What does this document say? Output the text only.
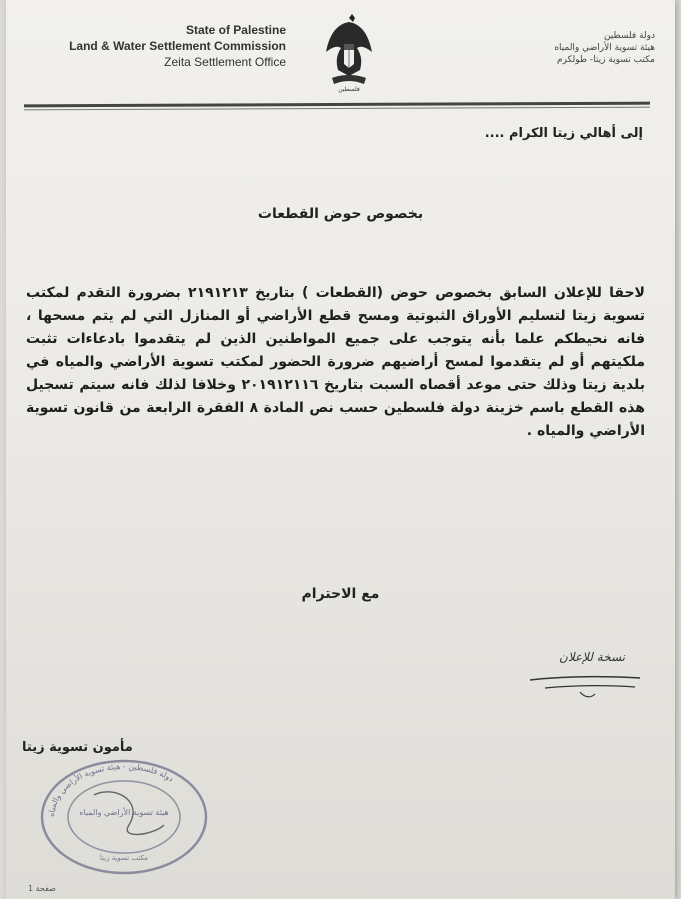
State of Palestine
Land & Water Settlement Commission
Zeita Settlement Office
فلسطين
دولة فلسطين
هيئة تسوية الأراضي والمياه
مكتب تسوية زيتا- طولكرم
إلى أهالي زيتا الكرام ....
بخصوص حوض القطعات
لاحقا للإعلان السابق بخصوص حوض (القطعات ) بتاريخ ٢١٩١٢١٣ بضرورة التقدم لمكتب تسوية زيتا لتسليم الأوراق الثبوتية ومسح قطع الأراضي أو المنازل التي لم يتم مسحها ، فانه نحيطكم علما بأنه يتوجب على جميع المواطنين الذين لم يتقدموا بادعاءات تثبت ملكيتهم أو لم يتقدموا لمسح أراضيهم ضرورة الحضور لمكتب تسوية الأراضي والمياه في بلدية زيتا وذلك حتى موعد أقصاه السبت بتاريخ ٢٠١٩١٢١١٦ وخلافا لذلك فانه سيتم تسجيل هذه القطع باسم خزينة دولة فلسطين حسب نص المادة ٨ الفقرة الرابعة من قانون تسوية الأراضي والمياه .
مع الاحترام
نسخة للإعلان
مأمون تسوية زيتا
دولة فلسطين - هيئة تسوية الأراضي والمياه
هيئة تسوية الأراضي والمياه
مكتب تسوية زيتا
1 صفحة
